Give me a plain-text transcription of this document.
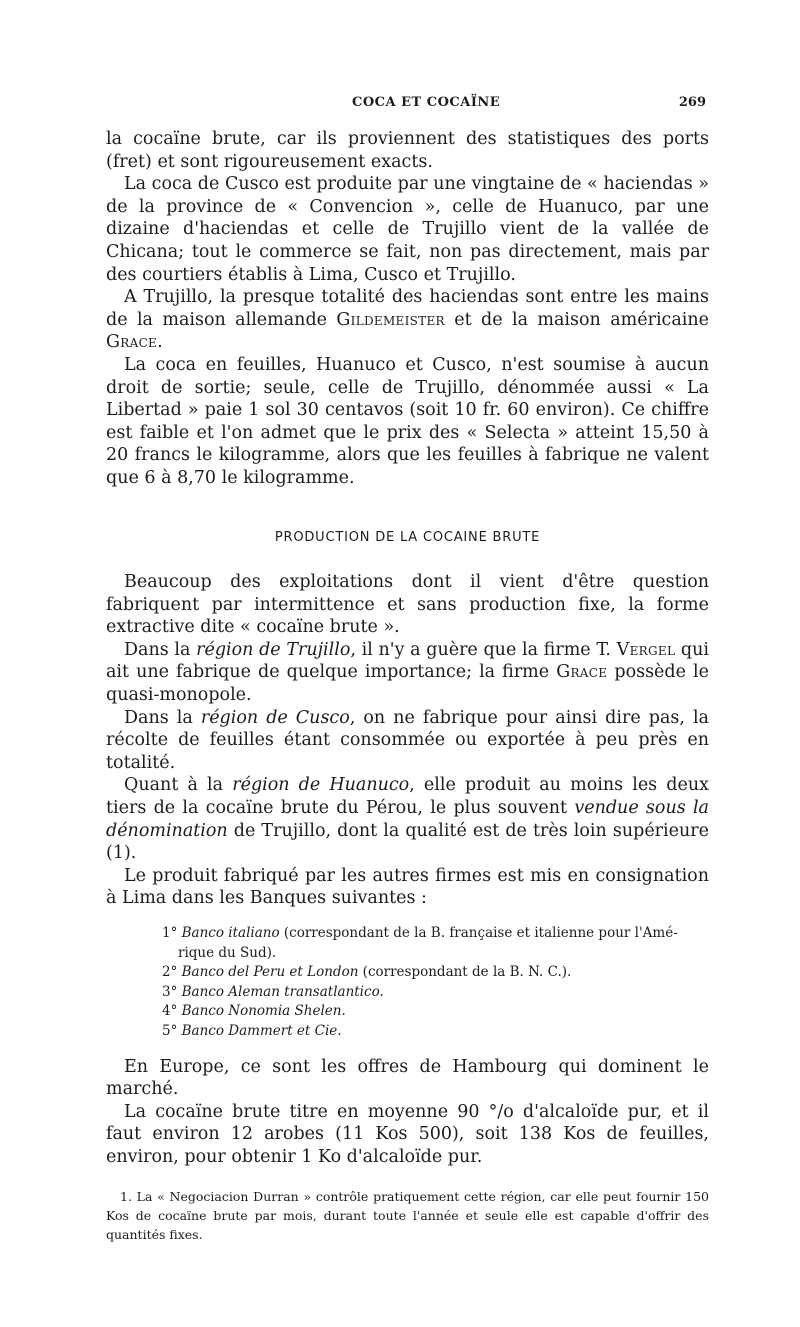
COCA ET COCAÏNE	269

la cocaïne brute, car ils proviennent des statistiques des ports (fret) et sont rigoureusement exacts.

La coca de Cusco est produite par une vingtaine de « haciendas » de la province de « Convencion », celle de Huanuco, par une dizaine d'haciendas et celle de Trujillo vient de la vallée de Chicana; tout le commerce se fait, non pas directement, mais par des courtiers établis à Lima, Cusco et Trujillo.

A Trujillo, la presque totalité des haciendas sont entre les mains de la maison allemande Gildemeister et de la maison américaine Grace.

La coca en feuilles, Huanuco et Cusco, n'est soumise à aucun droit de sortie; seule, celle de Trujillo, dénommée aussi « La Libertad » paie 1 sol 30 centavos (soit 10 fr. 60 environ). Ce chiffre est faible et l'on admet que le prix des « Selecta » atteint 15,50 à 20 francs le kilogramme, alors que les feuilles à fabrique ne valent que 6 à 8,70 le kilogramme.

PRODUCTION DE LA COCAINE BRUTE

Beaucoup des exploitations dont il vient d'être question fabriquent par intermittence et sans production fixe, la forme extractive dite « cocaïne brute ».

Dans la région de Trujillo, il n'y a guère que la firme T. Vergel qui ait une fabrique de quelque importance; la firme Grace possède le quasi-monopole.

Dans la région de Cusco, on ne fabrique pour ainsi dire pas, la récolte de feuilles étant consommée ou exportée à peu près en totalité.

Quant à la région de Huanuco, elle produit au moins les deux tiers de la cocaïne brute du Pérou, le plus souvent vendue sous la dénomination de Trujillo, dont la qualité est de très loin supérieure (1).

Le produit fabriqué par les autres firmes est mis en consignation à Lima dans les Banques suivantes :

1° Banco italiano (correspondant de la B. française et italienne pour l'Amé-
rique du Sud).
2° Banco del Peru et London (correspondant de la B. N. C.).
3° Banco Aleman transatlantico.
4° Banco Nonomia Shelen.
5° Banco Dammert et Cie.

En Europe, ce sont les offres de Hambourg qui dominent le marché.

La cocaïne brute titre en moyenne 90 °/o d'alcaloïde pur, et il faut environ 12 arobes (11 Kos 500), soit 138 Kos de feuilles, environ, pour obtenir 1 Ko d'alcaloïde pur.

1. La « Negociacion Durran » contrôle pratiquement cette région, car elle peut fournir 150 Kos de cocaïne brute par mois, durant toute l'année et seule elle est capable d'offrir des quantités fixes.
